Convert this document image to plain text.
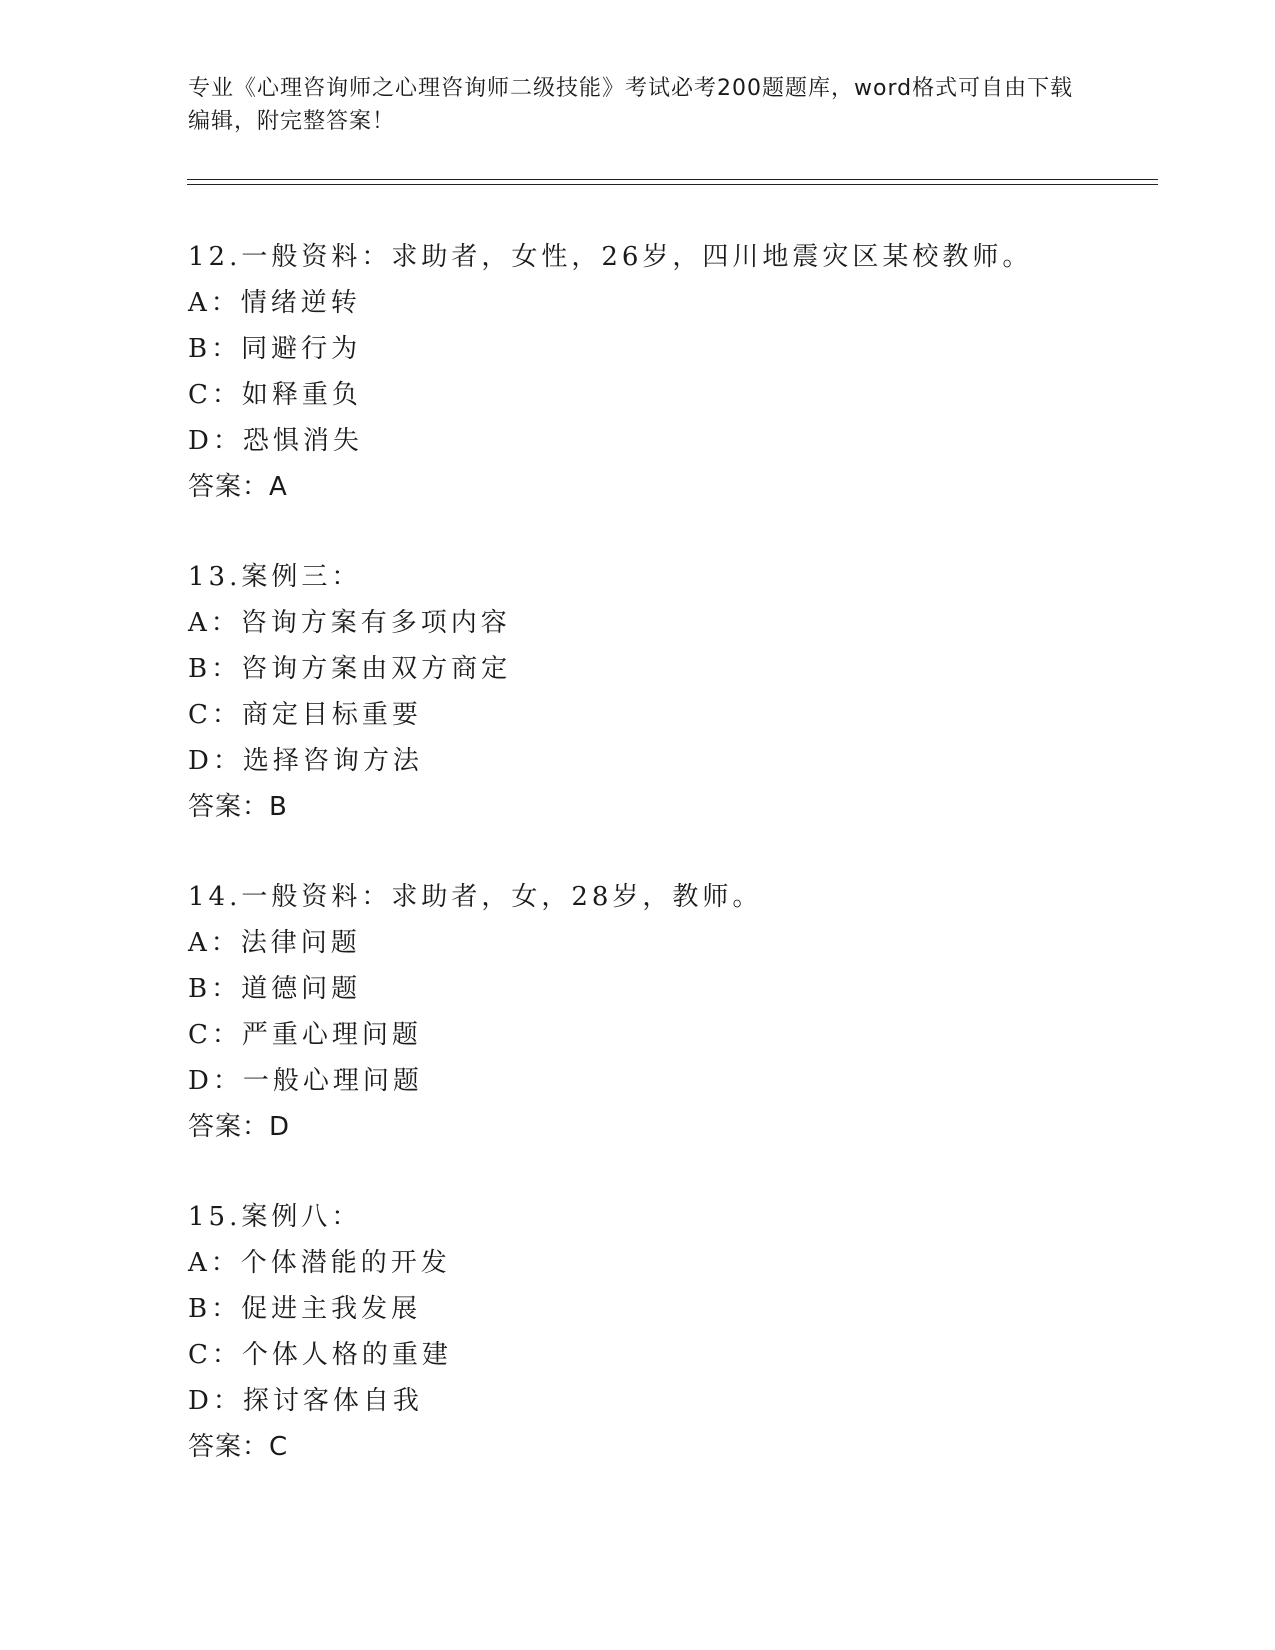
专业《心理咨询师之心理咨询师二级技能》考试必考200题题库，word格式可自由下载编辑，附完整答案！
12.一般资料：求助者，女性，26岁，四川地震灾区某校教师。
A：情绪逆转
B：同避行为
C：如释重负
D：恐惧消失
答案：A
13.案例三：
A：咨询方案有多项内容
B：咨询方案由双方商定
C：商定目标重要
D：选择咨询方法
答案：B
14.一般资料：求助者，女，28岁，教师。
A：法律问题
B：道德问题
C：严重心理问题
D：一般心理问题
答案：D
15.案例八：
A：个体潜能的开发
B：促进主我发展
C：个体人格的重建
D：探讨客体自我
答案：C
